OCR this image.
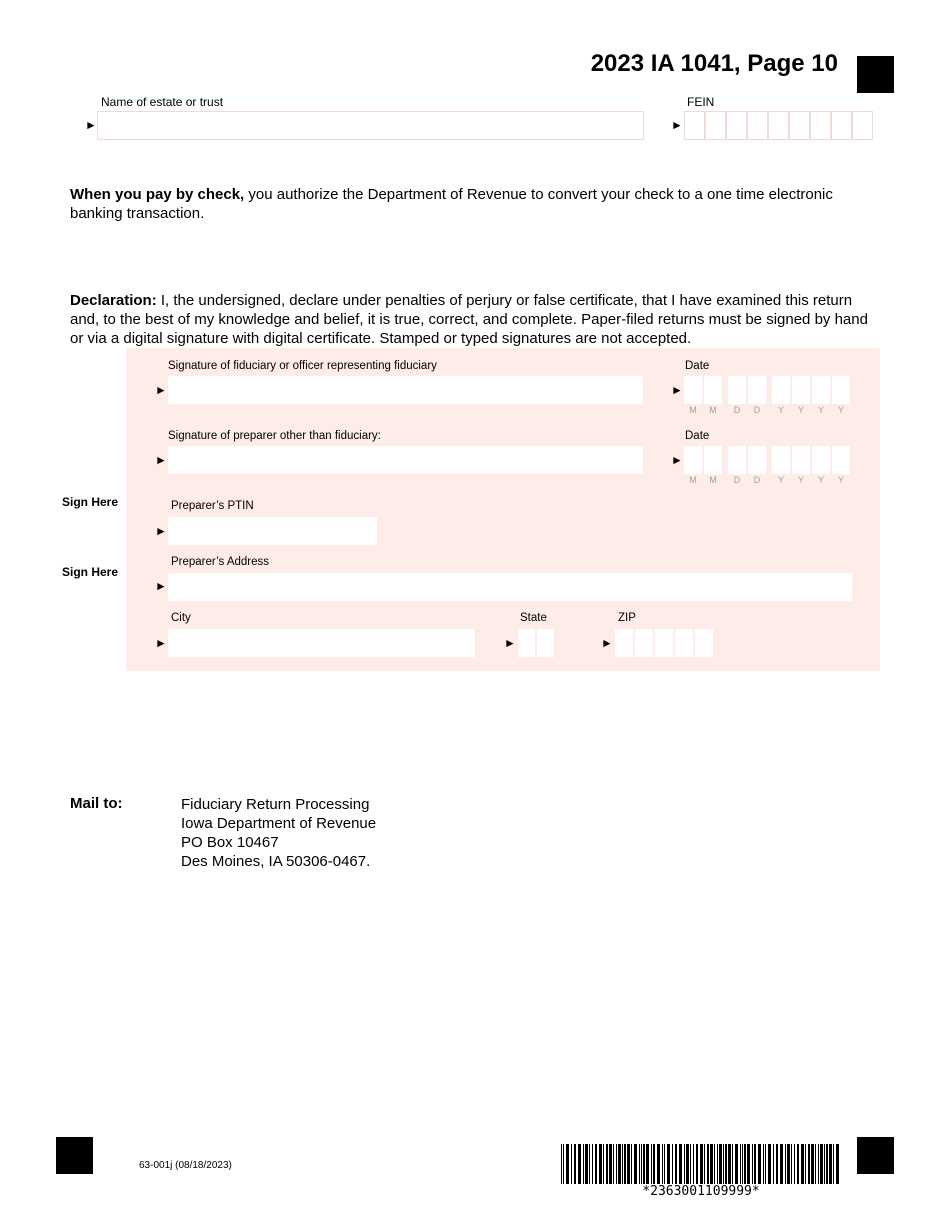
2023 IA 1041, Page 10
Name of estate or trust
►
FEIN
►
When you pay by check, you authorize the Department of Revenue to convert your check to a one time electronic banking transaction.
Declaration: I, the undersigned, declare under penalties of perjury or false certificate, that I have examined this return and, to the best of my knowledge and belief, it is true, correct, and complete. Paper-filed returns must be signed by hand or via a digital signature with digital certificate. Stamped or typed signatures are not accepted.
Sign Here
Sign Here
Signature of fiduciary or officer representing fiduciary
►
Date
►
M	M	D	D	Y	Y	Y	Y
Signature of preparer other than fiduciary:
►
Date
►
M	M	D	D	Y	Y	Y	Y
Preparer’s PTIN
►
Preparer’s Address
►
City
►
State
►
ZIP
►
Mail to:	Fiduciary Return Processing
Iowa Department of Revenue
PO Box 10467
Des Moines, IA 50306-0467.
63-001j (08/18/2023)
*2363001109999*
